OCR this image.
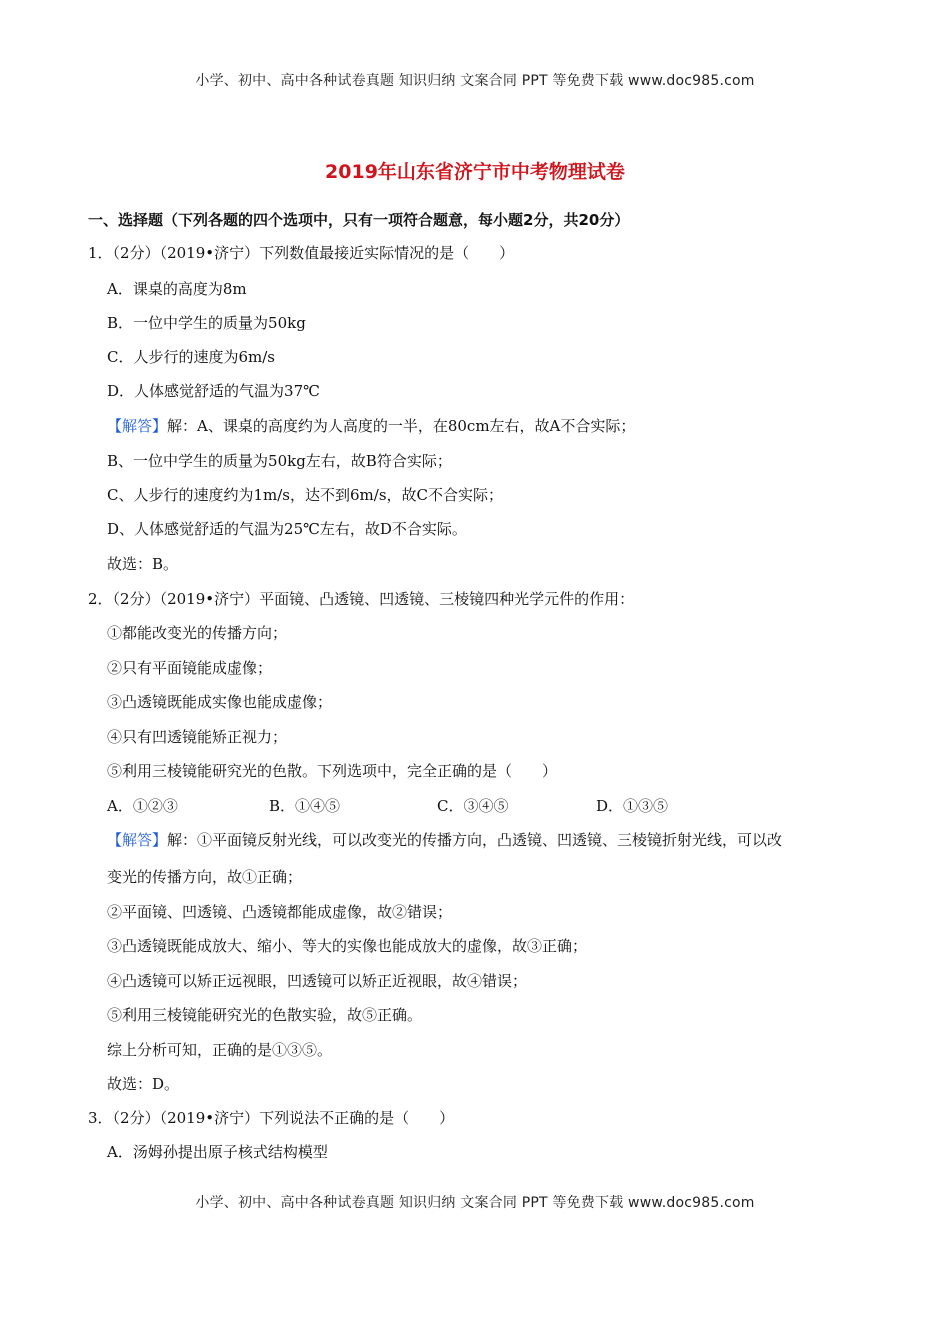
小学、初中、高中各种试卷真题 知识归纳 文案合同 PPT 等免费下载 www.doc985.com
2019年山东省济宁市中考物理试卷
一、选择题（下列各题的四个选项中，只有一项符合题意，每小题2分，共20分）
1．（2分）（2019•济宁）下列数值最接近实际情况的是（　　）
A．课桌的高度为8m
B．一位中学生的质量为50kg
C．人步行的速度为6m/s
D．人体感觉舒适的气温为37℃
【解答】解：A、课桌的高度约为人高度的一半，在80cm左右，故A不合实际；
B、一位中学生的质量为50kg左右，故B符合实际；
C、人步行的速度约为1m/s，达不到6m/s，故C不合实际；
D、人体感觉舒适的气温为25℃左右，故D不合实际。
故选：B。
2．（2分）（2019•济宁）平面镜、凸透镜、凹透镜、三棱镜四种光学元件的作用：
①都能改变光的传播方向；
②只有平面镜能成虚像；
③凸透镜既能成实像也能成虚像；
④只有凹透镜能矫正视力；
⑤利用三棱镜能研究光的色散。下列选项中，完全正确的是（　　）
A．①②③	B．①④⑤	C．③④⑤	D．①③⑤
【解答】解：①平面镜反射光线，可以改变光的传播方向，凸透镜、凹透镜、三棱镜折射光线，可以改
变光的传播方向，故①正确；
②平面镜、凹透镜、凸透镜都能成虚像，故②错误；
③凸透镜既能成放大、缩小、等大的实像也能成放大的虚像，故③正确；
④凸透镜可以矫正远视眼，凹透镜可以矫正近视眼，故④错误；
⑤利用三棱镜能研究光的色散实验，故⑤正确。
综上分析可知，正确的是①③⑤。
故选：D。
3．（2分）（2019•济宁）下列说法不正确的是（　　）
A．汤姆孙提出原子核式结构模型
小学、初中、高中各种试卷真题 知识归纳 文案合同 PPT 等免费下载 www.doc985.com
